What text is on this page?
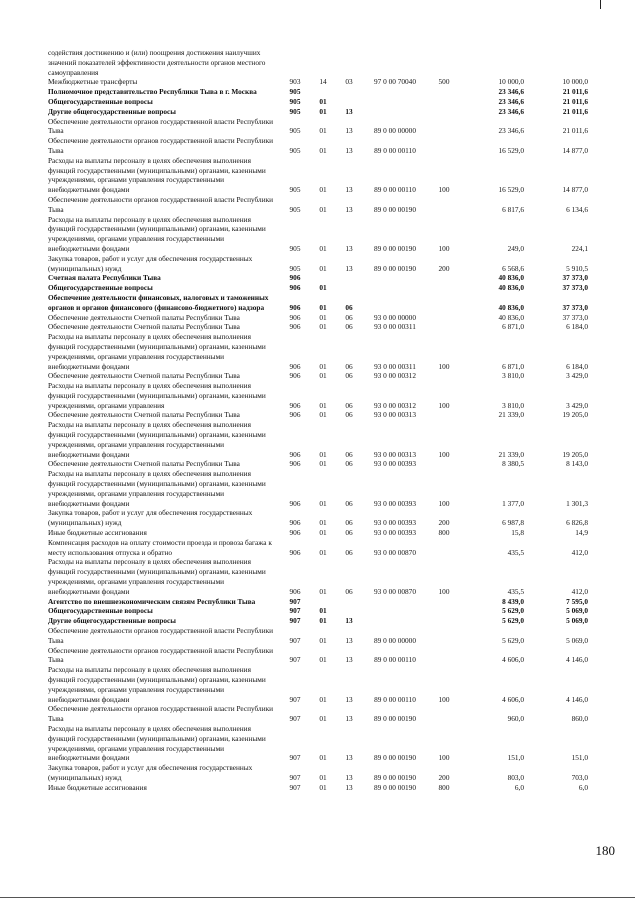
содействия достижению и (или) поощрения достижения наилучших значений показателей эффективности деятельности органов местного самоуправления							
Межбюджетные трансферты	903	14	03	97 0 00 70040	500	10 000,0	10 000,0
Полномочное представительство Республики Тыва в г. Москва	905					23 346,6	21 011,6
Общегосударственные вопросы	905	01				23 346,6	21 011,6
Другие общегосударственные вопросы	905	01	13			23 346,6	21 011,6
Обеспечение деятельности органов государственной власти Республики Тыва	905	01	13	89 0 00 00000		23 346,6	21 011,6
Обеспечение деятельности органов государственной власти Республики Тыва	905	01	13	89 0 00 00110		16 529,0	14 877,0
Расходы на выплаты персоналу в целях обеспечения выполнения функций государственными (муниципальными) органами, казенными учреждениями, органами управления государственными внебюджетными фондами	905	01	13	89 0 00 00110	100	16 529,0	14 877,0
Обеспечение деятельности органов государственной власти Республики Тыва	905	01	13	89 0 00 00190		6 817,6	6 134,6
Расходы на выплаты персоналу в целях обеспечения выполнения функций государственными (муниципальными) органами, казенными учреждениями, органами управления государственными внебюджетными фондами	905	01	13	89 0 00 00190	100	249,0	224,1
Закупка товаров, работ и услуг для обеспечения государственных (муниципальных) нужд	905	01	13	89 0 00 00190	200	6 568,6	5 910,5
Счетная палата Республики Тыва	906					40 836,0	37 373,0
Общегосударственные вопросы	906	01				40 836,0	37 373,0
Обеспечение деятельности финансовых, налоговых и таможенных органов и органов финансового (финансово-бюджетного) надзора	906	01	06			40 836,0	37 373,0
Обеспечение деятельности Счетной палаты Республики Тыва	906	01	06	93 0 00 00000		40 836,0	37 373,0
Обеспечение деятельности Счетной палаты Республики Тыва	906	01	06	93 0 00 00311		6 871,0	6 184,0
Расходы на выплаты персоналу в целях обеспечения выполнения функций государственными (муниципальными) органами, казенными учреждениями, органами управления государственными внебюджетными фондами	906	01	06	93 0 00 00311	100	6 871,0	6 184,0
Обеспечение деятельности Счетной палаты Республики Тыва	906	01	06	93 0 00 00312		3 810,0	3 429,0
Расходы на выплаты персоналу в целях обеспечения выполнения функций государственными (муниципальными) органами, казенными учреждениями, органами управления	906	01	06	93 0 00 00312	100	3 810,0	3 429,0
Обеспечение деятельности Счетной палаты Республики Тыва	906	01	06	93 0 00 00313		21 339,0	19 205,0
Расходы на выплаты персоналу в целях обеспечения выполнения функций государственными (муниципальными) органами, казенными учреждениями, органами управления государственными внебюджетными фондами	906	01	06	93 0 00 00313	100	21 339,0	19 205,0
Обеспечение деятельности Счетной палаты Республики Тыва	906	01	06	93 0 00 00393		8 380,5	8 143,0
Расходы на выплаты персоналу в целях обеспечения выполнения функций государственными (муниципальными) органами, казенными учреждениями, органами управления государственными внебюджетными фондами	906	01	06	93 0 00 00393	100	1 377,0	1 301,3
Закупка товаров, работ и услуг для обеспечения государственных (муниципальных) нужд	906	01	06	93 0 00 00393	200	6 987,8	6 826,8
Иные бюджетные ассигнования	906	01	06	93 0 00 00393	800	15,8	14,9
Компенсация расходов на оплату стоимости проезда и провоза багажа к месту использования отпуска и обратно	906	01	06	93 0 00 00870		435,5	412,0
Расходы на выплаты персоналу в целях обеспечения выполнения функций государственными (муниципальными) органами, казенными учреждениями, органами управления государственными внебюджетными фондами	906	01	06	93 0 00 00870	100	435,5	412,0
Агентство по внешнеэкономическим связям Республики Тыва	907					8 439,0	7 595,0
Общегосударственные вопросы	907	01				5 629,0	5 069,0
Другие общегосударственные вопросы	907	01	13			5 629,0	5 069,0
Обеспечение деятельности органов государственной власти Республики Тыва	907	01	13	89 0 00 00000		5 629,0	5 069,0
Обеспечение деятельности органов государственной власти Республики Тыва	907	01	13	89 0 00 00110		4 606,0	4 146,0
Расходы на выплаты персоналу в целях обеспечения выполнения функций государственными (муниципальными) органами, казенными учреждениями, органами управления государственными внебюджетными фондами	907	01	13	89 0 00 00110	100	4 606,0	4 146,0
Обеспечение деятельности органов государственной власти Республики Тыва	907	01	13	89 0 00 00190		960,0	860,0
Расходы на выплаты персоналу в целях обеспечения выполнения функций государственными (муниципальными) органами, казенными учреждениями, органами управления государственными внебюджетными фондами	907	01	13	89 0 00 00190	100	151,0	151,0
Закупка товаров, работ и услуг для обеспечения государственных (муниципальных) нужд	907	01	13	89 0 00 00190	200	803,0	703,0
Иные бюджетные ассигнования	907	01	13	89 0 00 00190	800	6,0	6,0
180
